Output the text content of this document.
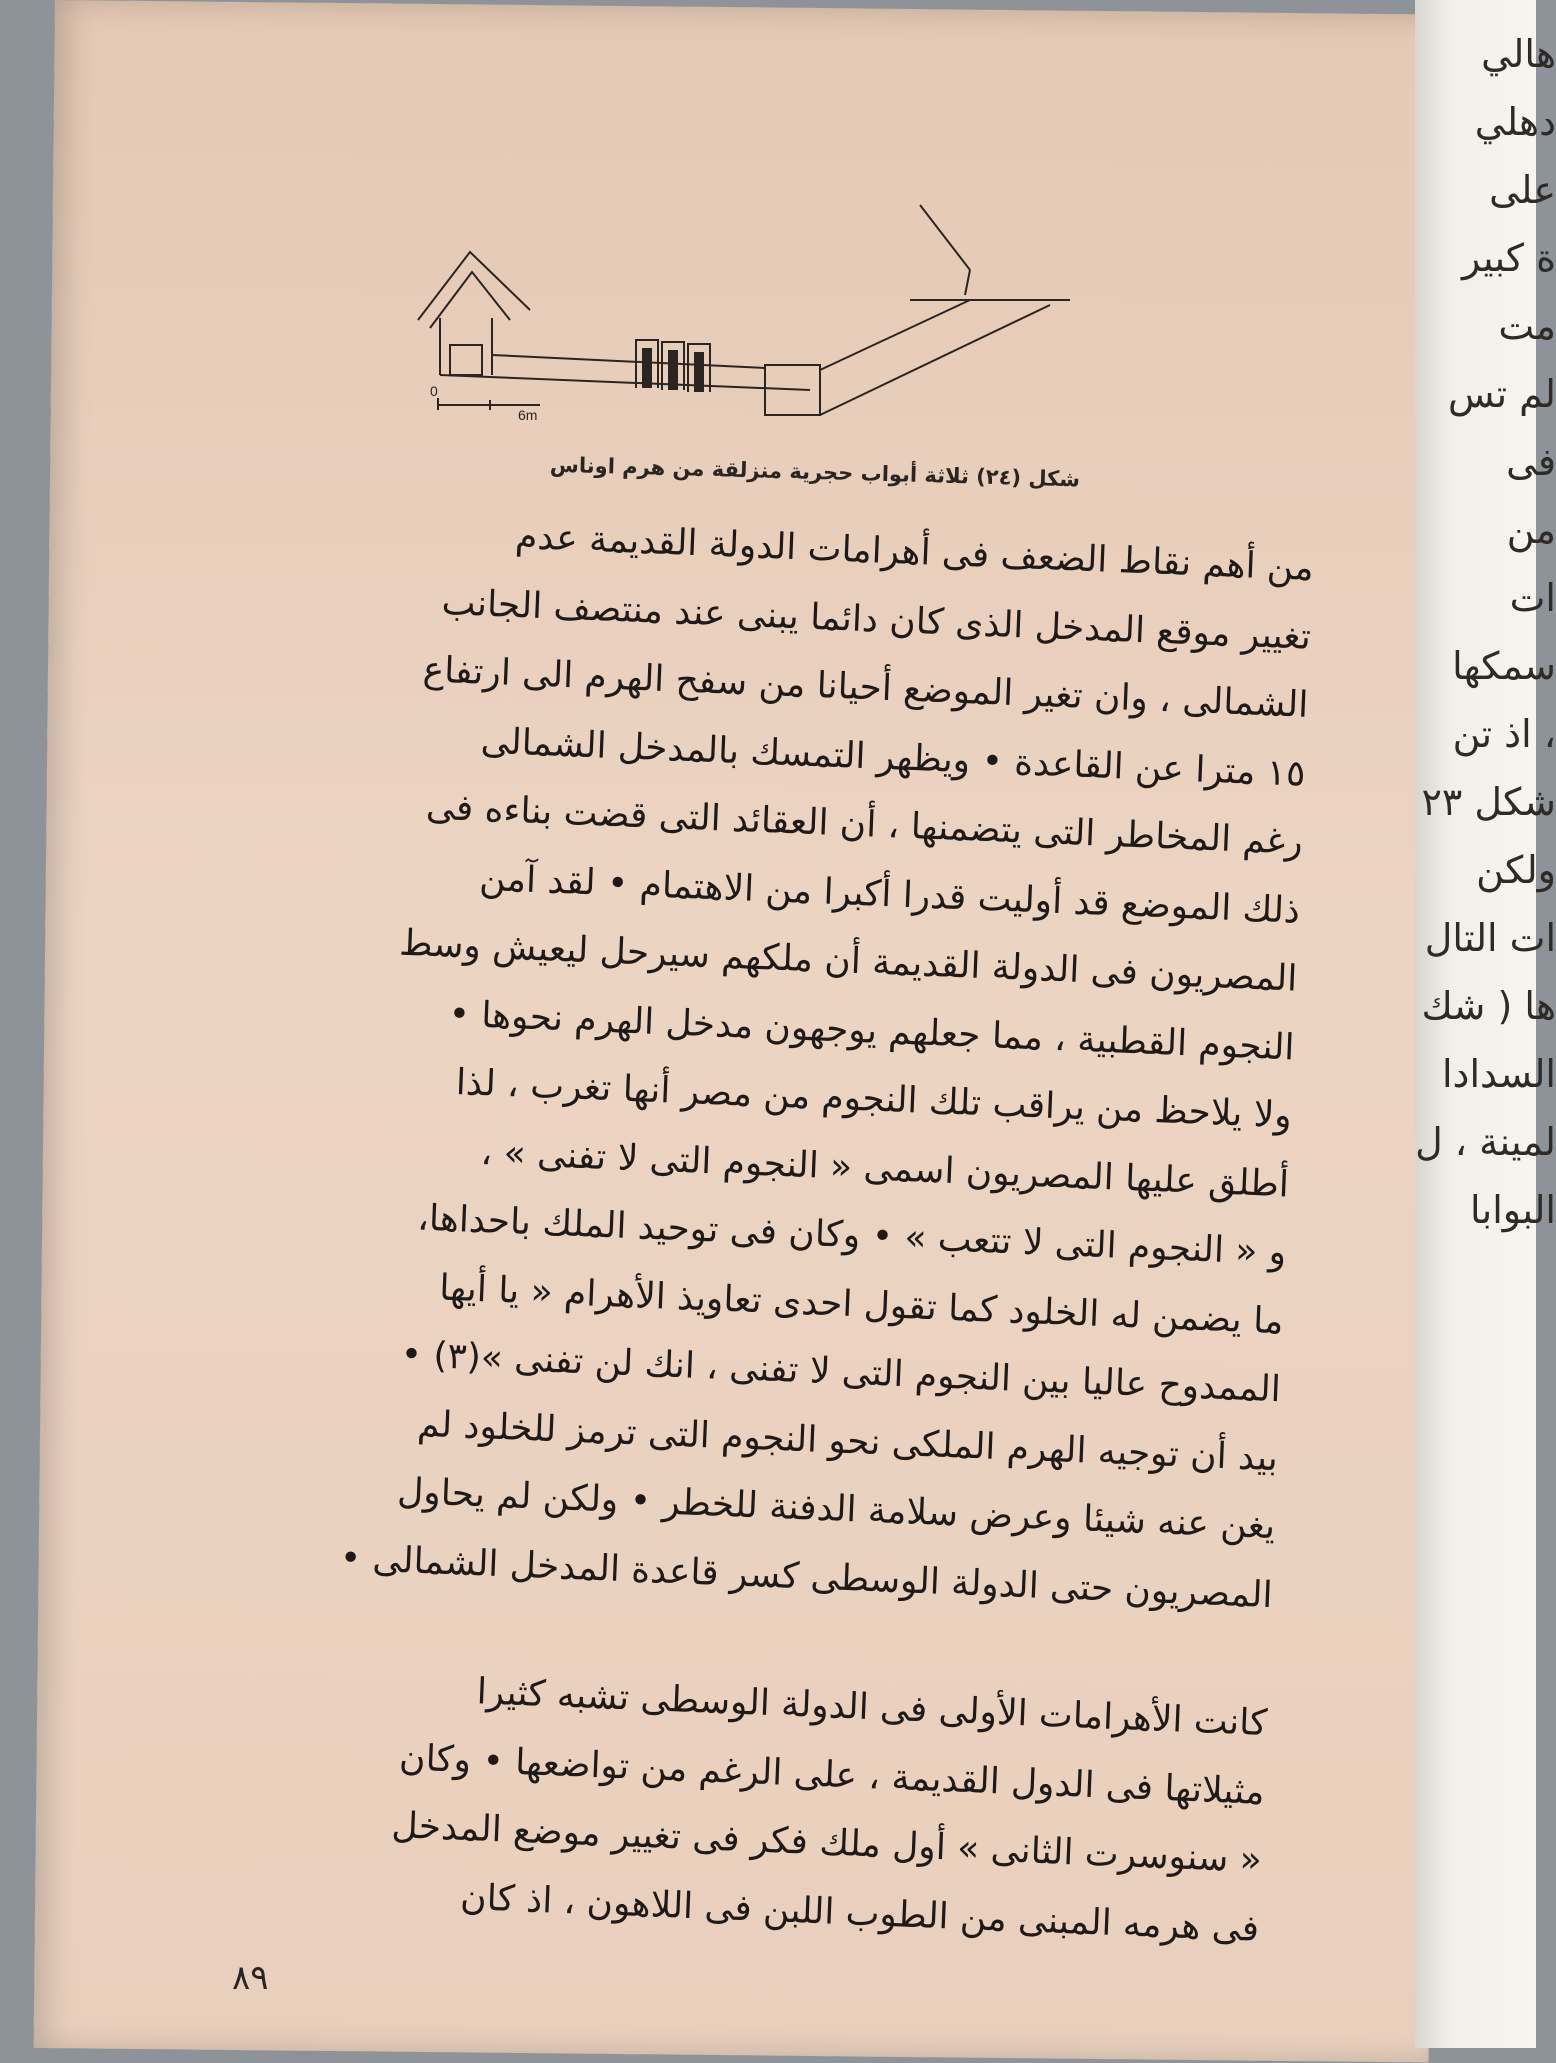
هالي
دهلي
على
ة كبير
مت
لم تس
فى
من
ات
سمكها
، اذ تن
شكل ٢٣
ولكن
ات التال
ها ( شك
السدادا
لمينة ، ل
البوابا
0
6m
شكل (٢٤) ثلاثة أبواب حجرية منزلقة من هرم اوناس
من أهم نقاط الضعف فى أهرامات الدولة القديمة عدم
تغيير موقع المدخل الذى كان دائما يبنى عند منتصف الجانب
الشمالى ، وان تغير الموضع أحيانا من سفح الهرم الى ارتفاع
١٥ مترا عن القاعدة • ويظهر التمسك بالمدخل الشمالى
رغم المخاطر التى يتضمنها ، أن العقائد التى قضت بناءه فى
ذلك الموضع قد أوليت قدرا أكبرا من الاهتمام • لقد آمن
المصريون فى الدولة القديمة أن ملكهم سيرحل ليعيش وسط
النجوم القطبية ، مما جعلهم يوجهون مدخل الهرم نحوها •
ولا يلاحظ من يراقب تلك النجوم من مصر أنها تغرب ، لذا
أطلق عليها المصريون اسمى « النجوم التى لا تفنى » ،
و « النجوم التى لا تتعب » • وكان فى توحيد الملك باحداها،
ما يضمن له الخلود كما تقول احدى تعاويذ الأهرام « يا أيها
الممدوح عاليا بين النجوم التى لا تفنى ، انك لن تفنى »(٣) •
بيد أن توجيه الهرم الملكى نحو النجوم التى ترمز للخلود لم
يغن عنه شيئا وعرض سلامة الدفنة للخطر • ولكن لم يحاول
المصريون حتى الدولة الوسطى كسر قاعدة المدخل الشمالى •
كانت الأهرامات الأولى فى الدولة الوسطى تشبه كثيرا
مثيلاتها فى الدول القديمة ، على الرغم من تواضعها • وكان
« سنوسرت الثانى » أول ملك فكر فى تغيير موضع المدخل
فى هرمه المبنى من الطوب اللبن فى اللاهون ، اذ كان
٨٩
